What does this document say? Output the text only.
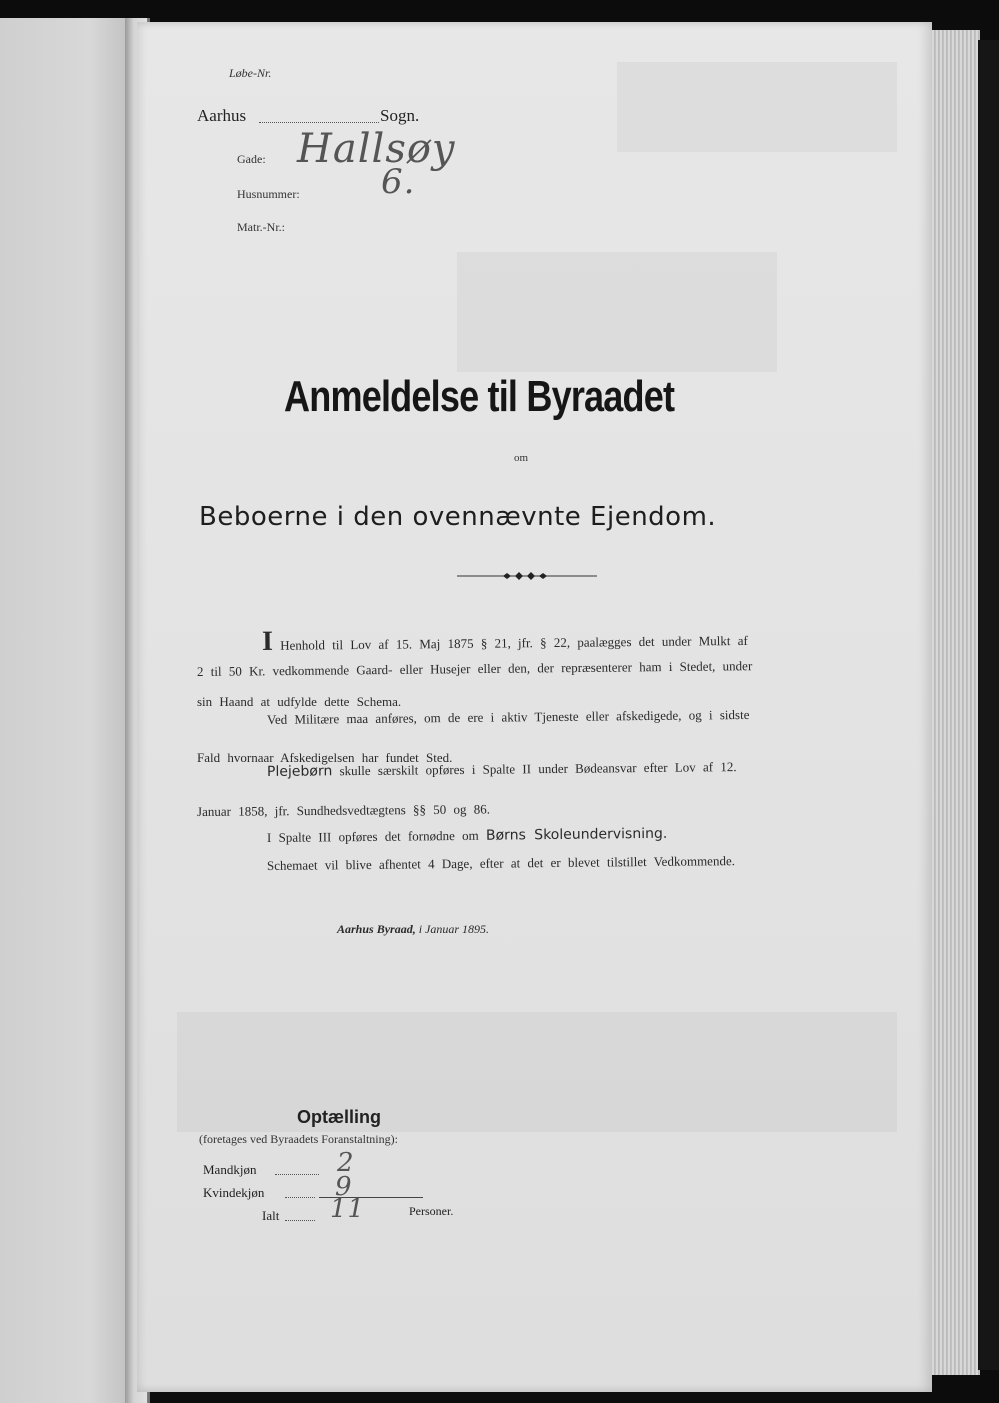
Løbe-Nr.
Aarhus	Sogn.
Gade: Hallsøy
Husnummer: 6.
Matr.-Nr.:
Anmeldelse til Byraadet
om
Beboerne i den ovennævnte Ejendom.
I Henhold til Lov af 15. Maj 1875 § 21, jfr. § 22, paalægges det under Mulkt af
2 til 50 Kr. vedkommende Gaard- eller Husejer eller den, der repræsenterer ham i Stedet, under
sin Haand at udfylde dette Schema.
Ved Militære maa anføres, om de ere i aktiv Tjeneste eller afskedigede, og i sidste
Fald hvornaar Afskedigelsen har fundet Sted.
Plejebørn skulle særskilt opføres i Spalte II under Bødeansvar efter Lov af 12.
Januar 1858, jfr. Sundhedsvedtægtens §§ 50 og 86.
I Spalte III opføres det fornødne om Børns Skoleundervisning.
Schemaet vil blive afhentet 4 Dage, efter at det er blevet tilstillet Vedkommende.
Aarhus Byraad, i Januar 1895.
Optælling
(foretages ved Byraadets Foranstaltning):
Mandkjøn	2
Kvindekjøn	9
Ialt 11	Personer.
